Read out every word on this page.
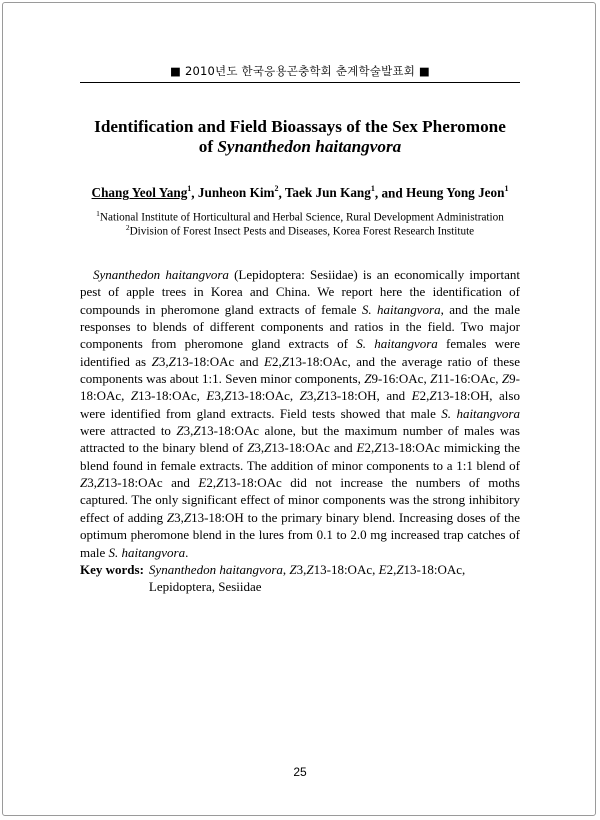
■ 2010년도 한국응용곤충학회 춘계학술발표회 ■
Identification and Field Bioassays of the Sex Pheromone
of Synanthedon haitangvora
Chang Yeol Yang$^1$, Junheon Kim$^2$, Taek Jun Kang$^1$, and Heung Yong Jeon$^1$
$^1$National Institute of Horticultural and Herbal Science, Rural Development Administration
$^2$Division of Forest Insect Pests and Diseases, Korea Forest Research Institute

Synanthedon haitangvora (Lepidoptera: Sesiidae) is an economically important pest of apple trees in Korea and China. We report here the identification of compounds in pheromone gland extracts of female S. haitangvora, and the male responses to blends of different components and ratios in the field. Two major components from pheromone gland extracts of S. haitangvora females were identified as Z3,Z13-18:OAc and E2,Z13-18:OAc, and the average ratio of these components was about 1:1. Seven minor components, Z9-16:OAc, Z11-16:OAc, Z9-18:OAc, Z13-18:OAc, E3,Z13-18:OAc, Z3,Z13-18:OH, and E2,Z13-18:OH, also were identified from gland extracts. Field tests showed that male S. haitangvora were attracted to Z3,Z13-18:OAc alone, but the maximum number of males was attracted to the binary blend of Z3,Z13-18:OAc and E2,Z13-18:OAc mimicking the blend found in female extracts. The addition of minor components to a 1:1 blend of Z3,Z13-18:OAc and E2,Z13-18:OAc did not increase the numbers of moths captured. The only significant effect of minor components was the strong inhibitory effect of adding Z3,Z13-18:OH to the primary binary blend. Increasing doses of the optimum pheromone blend in the lures from 0.1 to 2.0 mg increased trap catches of male S. haitangvora.

Key words: Synanthedon haitangvora, Z3,Z13-18:OAc, E2,Z13-18:OAc, Lepidoptera, Sesiidae
25
